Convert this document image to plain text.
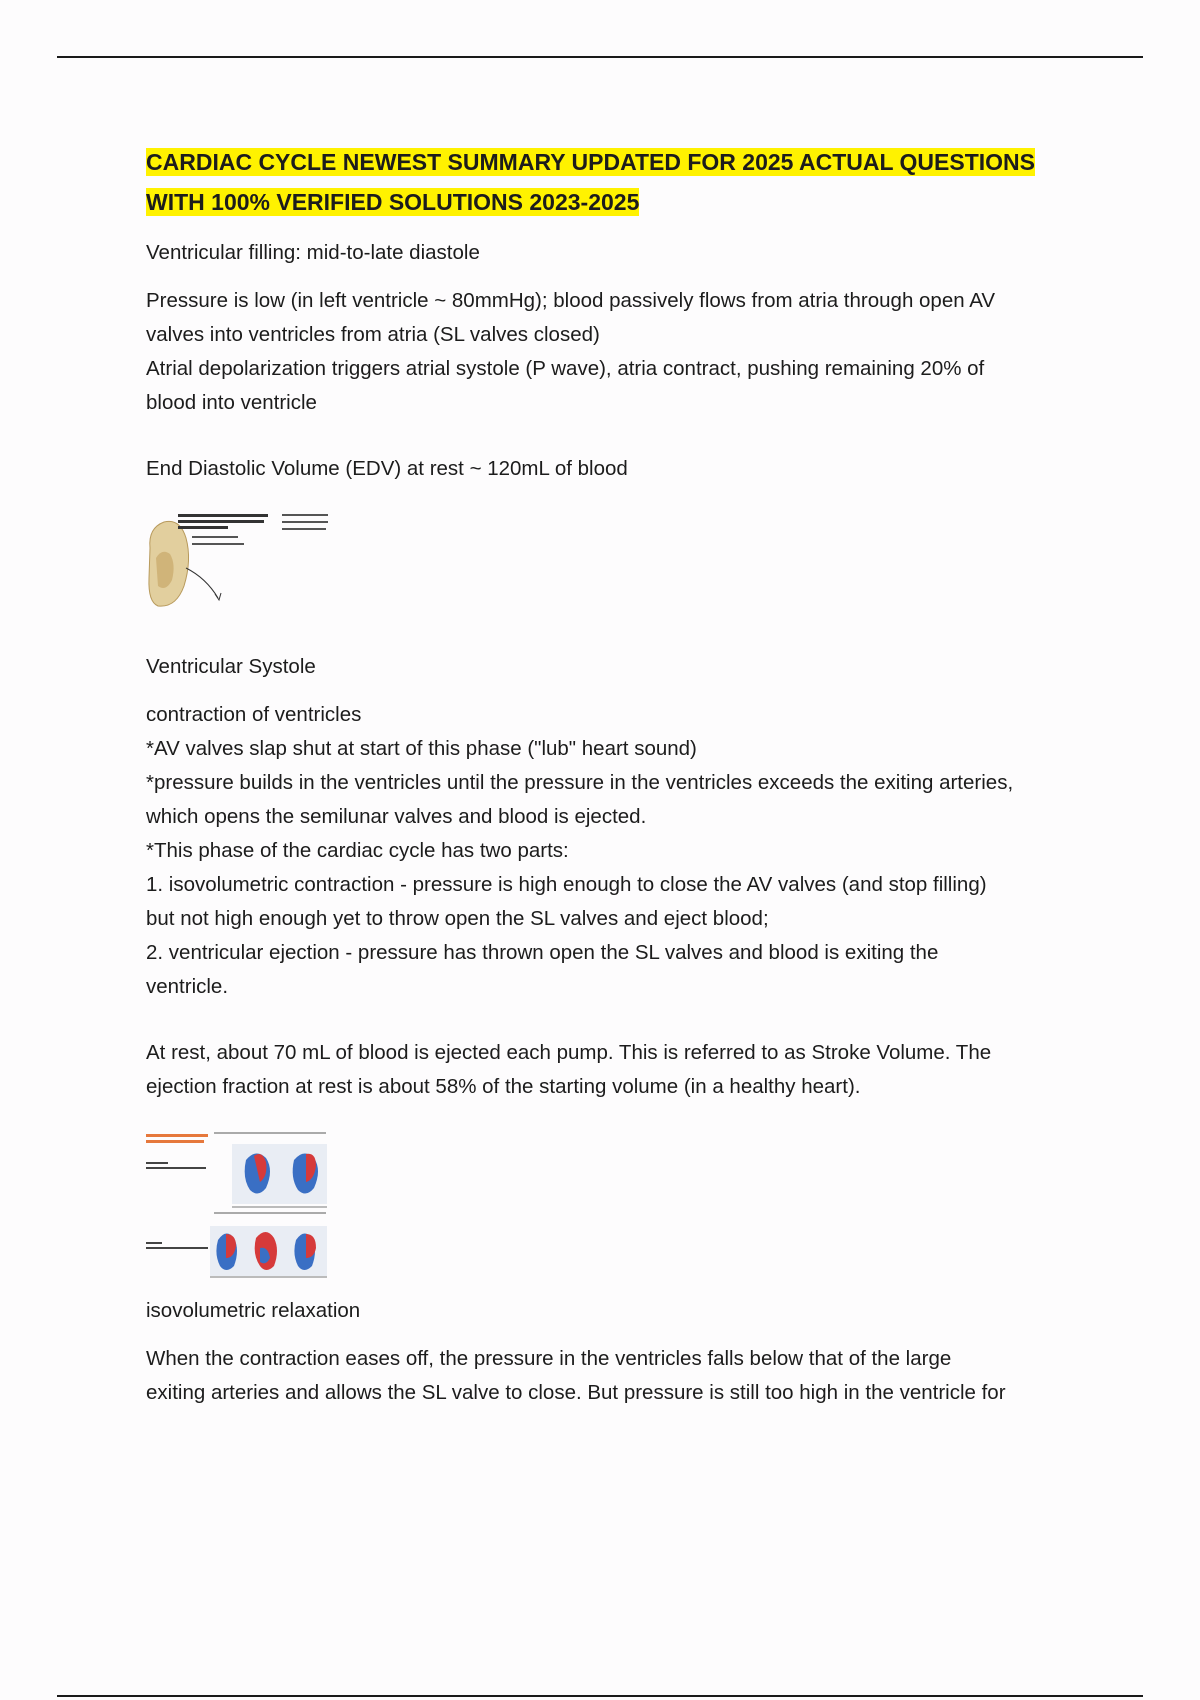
CARDIAC CYCLE NEWEST SUMMARY UPDATED FOR 2025 ACTUAL QUESTIONS
WITH 100% VERIFIED SOLUTIONS 2023-2025

Ventricular filling: mid-to-late diastole

Pressure is low (in left ventricle ~ 80mmHg); blood passively flows from atria through open AV

valves into ventricles from atria (SL valves closed)

Atrial depolarization triggers atrial systole (P wave), atria contract, pushing remaining 20% of

blood into ventricle

End Diastolic Volume (EDV) at rest ~ 120mL of blood

Ventricular Systole

contraction of ventricles

*AV valves slap shut at start of this phase ("lub" heart sound)

*pressure builds in the ventricles until the pressure in the ventricles exceeds the exiting arteries,

which opens the semilunar valves and blood is ejected.

*This phase of the cardiac cycle has two parts:

1. isovolumetric contraction - pressure is high enough to close the AV valves (and stop filling)

but not high enough yet to throw open the SL valves and eject blood;

2. ventricular ejection - pressure has thrown open the SL valves and blood is exiting the

ventricle.

At rest, about 70 mL of blood is ejected each pump. This is referred to as Stroke Volume. The

ejection fraction at rest is about 58% of the starting volume (in a healthy heart).

isovolumetric relaxation

When the contraction eases off, the pressure in the ventricles falls below that of the large

exiting arteries and allows the SL valve to close. But pressure is still too high in the ventricle for
